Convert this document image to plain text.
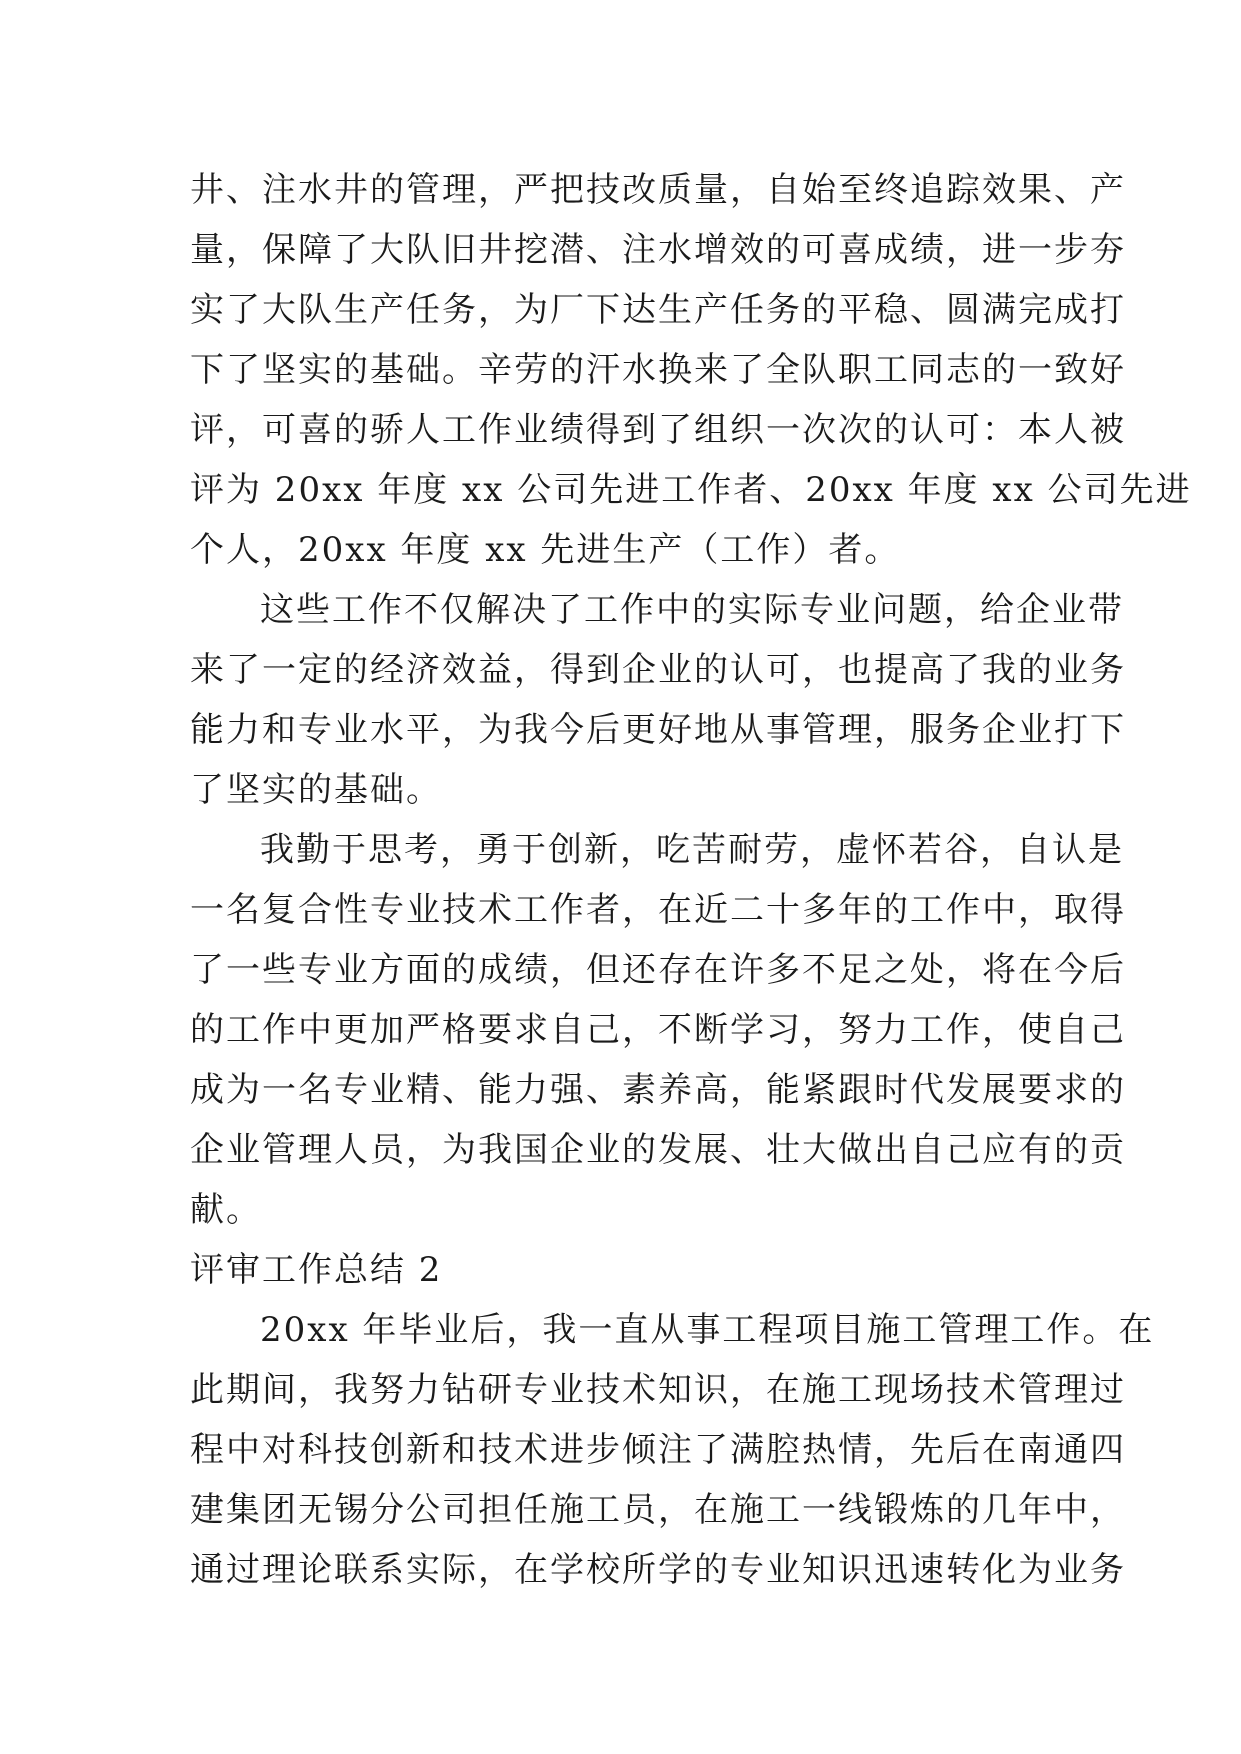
井、注水井的管理，严把技改质量，自始至终追踪效果、产
量，保障了大队旧井挖潜、注水增效的可喜成绩，进一步夯
实了大队生产任务，为厂下达生产任务的平稳、圆满完成打
下了坚实的基础。辛劳的汗水换来了全队职工同志的一致好
评，可喜的骄人工作业绩得到了组织一次次的认可：本人被
评为 20xx 年度 xx 公司先进工作者、20xx 年度 xx 公司先进
个人，20xx 年度 xx 先进生产（工作）者。
这些工作不仅解决了工作中的实际专业问题，给企业带
来了一定的经济效益，得到企业的认可，也提高了我的业务
能力和专业水平，为我今后更好地从事管理，服务企业打下
了坚实的基础。
我勤于思考，勇于创新，吃苦耐劳，虚怀若谷，自认是
一名复合性专业技术工作者，在近二十多年的工作中，取得
了一些专业方面的成绩，但还存在许多不足之处，将在今后
的工作中更加严格要求自己，不断学习，努力工作，使自己
成为一名专业精、能力强、素养高，能紧跟时代发展要求的
企业管理人员，为我国企业的发展、壮大做出自己应有的贡
献。
评审工作总结 2
20xx 年毕业后，我一直从事工程项目施工管理工作。在
此期间，我努力钻研专业技术知识，在施工现场技术管理过
程中对科技创新和技术进步倾注了满腔热情，先后在南通四
建集团无锡分公司担任施工员，在施工一线锻炼的几年中，
通过理论联系实际，在学校所学的专业知识迅速转化为业务
